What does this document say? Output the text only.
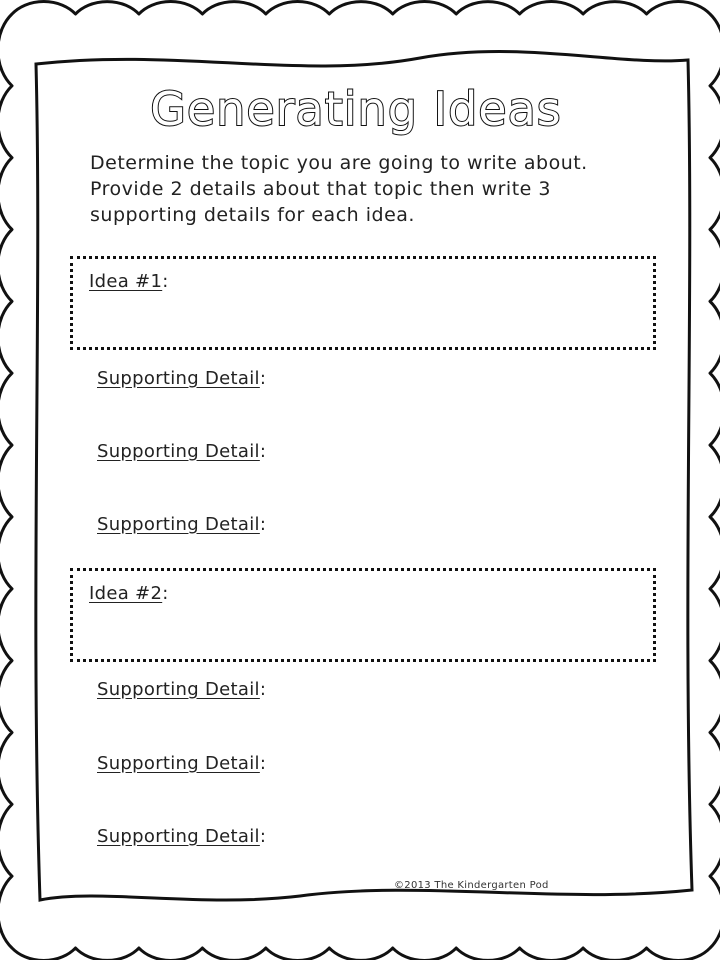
Generating Ideas
Determine the topic you are going to write about.
Provide 2 details about that topic then write 3
supporting details for each idea.
Idea #1:
Supporting Detail:
Supporting Detail:
Supporting Detail:
Idea #2:
Supporting Detail:
Supporting Detail:
Supporting Detail:
©2013 The Kindergarten Pod
